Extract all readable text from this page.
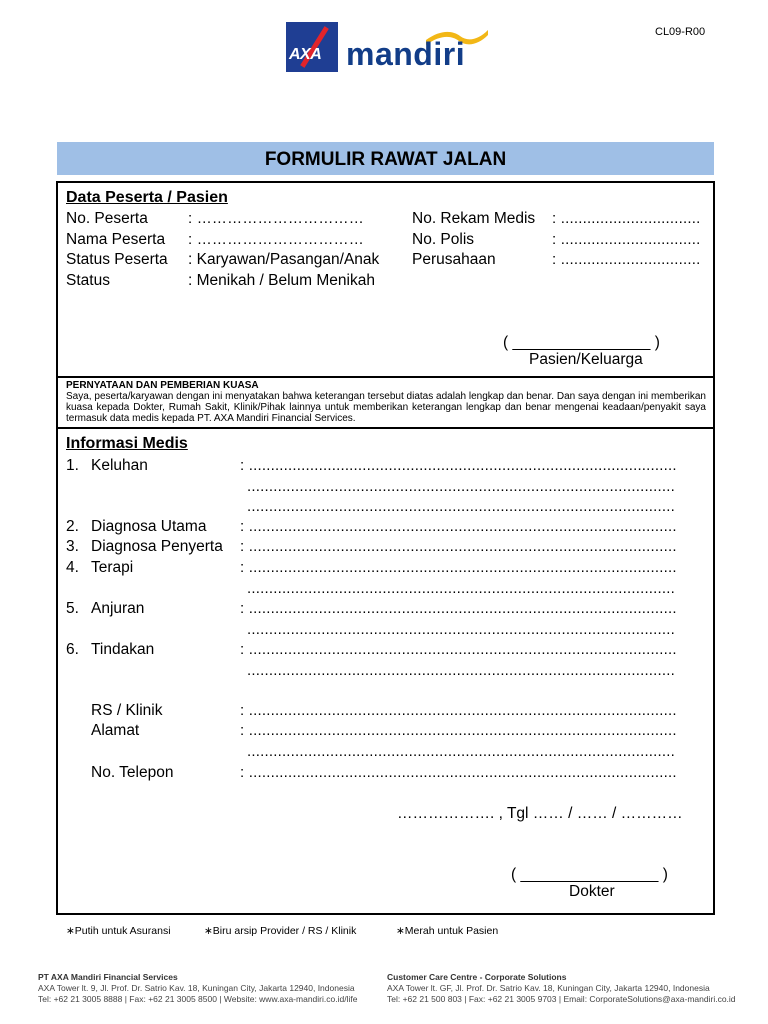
CL09-R00
AXA mandiri
FORMULIR RAWAT JALAN
Data Peserta / Pasien
No. Peserta	: ……………………………
Nama Peserta : ……………………………
Status Peserta : Karyawan/Pasangan/Anak
Status	: Menikah / Belum Menikah
No. Rekam Medis : ................................
No. Polis	: ................................
Perusahaan	: ................................
( ________________ )
Pasien/Keluarga
PERNYATAAN DAN PEMBERIAN KUASA
Saya, peserta/karyawan dengan ini menyatakan bahwa keterangan tersebut diatas adalah lengkap dan benar. Dan saya dengan ini memberikan kuasa kepada Dokter, Rumah Sakit, Klinik/Pihak lainnya untuk memberikan keterangan lengkap dan benar mengenai keadaan/penyakit saya termasuk data medis kepada PT. AXA Mandiri Financial Services.
Informasi Medis
1. Keluhan	: ..................................................................................................
..................................................................................................
..................................................................................................
2. Diagnosa Utama : ..................................................................................................
3. Diagnosa Penyerta : ..................................................................................................
4. Terapi	: ..................................................................................................
..................................................................................................
5. Anjuran	: ..................................................................................................
..................................................................................................
6. Tindakan	: ..................................................................................................
..................................................................................................
RS / Klinik	: ..................................................................................................
Alamat	: ..................................................................................................
..................................................................................................
No. Telepon	: ..................................................................................................
………………. , Tgl …… / …… / …………
( ________________ )
Dokter
∗Putih untuk Asuransi	∗Biru arsip Provider / RS / Klinik	∗Merah untuk Pasien
PT AXA Mandiri Financial Services
AXA Tower lt. 9, Jl. Prof. Dr. Satrio Kav. 18, Kuningan City, Jakarta 12940, Indonesia
Tel: +62 21 3005 8888 | Fax: +62 21 3005 8500 | Website: www.axa-mandiri.co.id/life
Customer Care Centre - Corporate Solutions
AXA Tower lt. GF, Jl. Prof. Dr. Satrio Kav. 18, Kuningan City, Jakarta 12940, Indonesia
Tel: +62 21 500 803 | Fax: +62 21 3005 9703 | Email: CorporateSolutions@axa-mandiri.co.id
